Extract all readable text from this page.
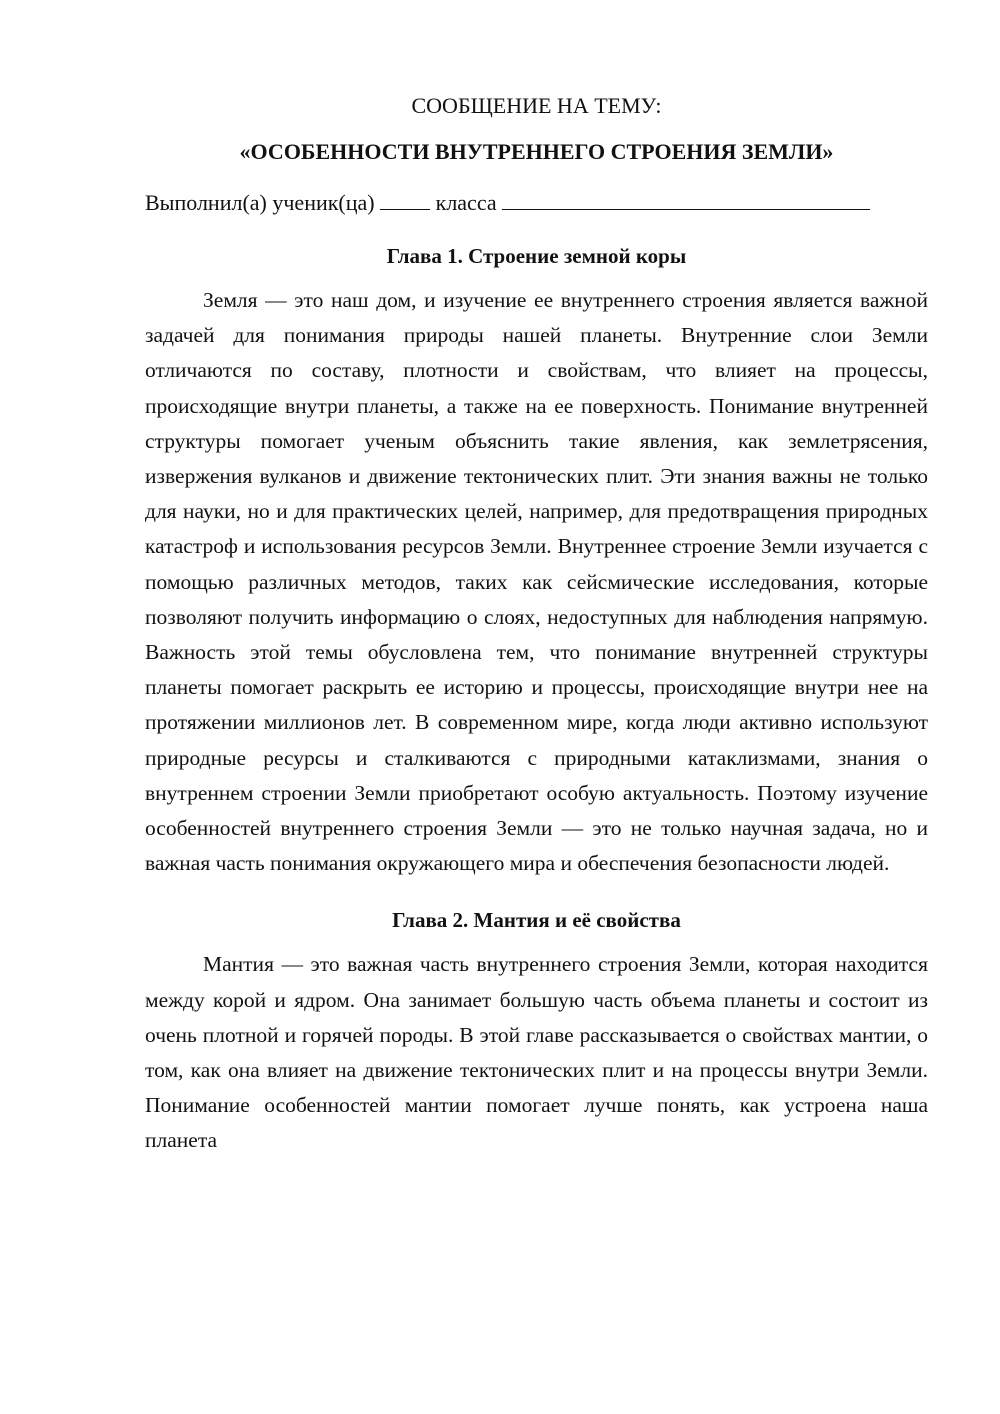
СООБЩЕНИЕ НА ТЕМУ:

«ОСОБЕННОСТИ ВНУТРЕННЕГО СТРОЕНИЯ ЗЕМЛИ»

Выполнил(а) ученик(ца)	класса

Глава 1. Строение земной коры

Земля — это наш дом, и изучение ее внутреннего строения является важной задачей для понимания природы нашей планеты. Внутренние слои Земли отличаются по составу, плотности и свойствам, что влияет на процессы, происходящие внутри планеты, а также на ее поверхность. Понимание внутренней структуры помогает ученым объяснить такие явления, как землетрясения, извержения вулканов и движение тектонических плит. Эти знания важны не только для науки, но и для практических целей, например, для предотвращения природных катастроф и использования ресурсов Земли. Внутреннее строение Земли изучается с помощью различных методов, таких как сейсмические исследования, которые позволяют получить информацию о слоях, недоступных для наблюдения напрямую. Важность этой темы обусловлена тем, что понимание внутренней структуры планеты помогает раскрыть ее историю и процессы, происходящие внутри нее на протяжении миллионов лет. В современном мире, когда люди активно используют природные ресурсы и сталкиваются с природными катаклизмами, знания о внутреннем строении Земли приобретают особую актуальность. Поэтому изучение особенностей внутреннего строения Земли — это не только научная задача, но и важная часть понимания окружающего мира и обеспечения безопасности людей.

Глава 2. Мантия и её свойства

Мантия — это важная часть внутреннего строения Земли, которая находится между корой и ядром. Она занимает большую часть объема планеты и состоит из очень плотной и горячей породы. В этой главе рассказывается о свойствах мантии, о том, как она влияет на движение тектонических плит и на процессы внутри Земли. Понимание особенностей мантии помогает лучше понять, как устроена наша планета
